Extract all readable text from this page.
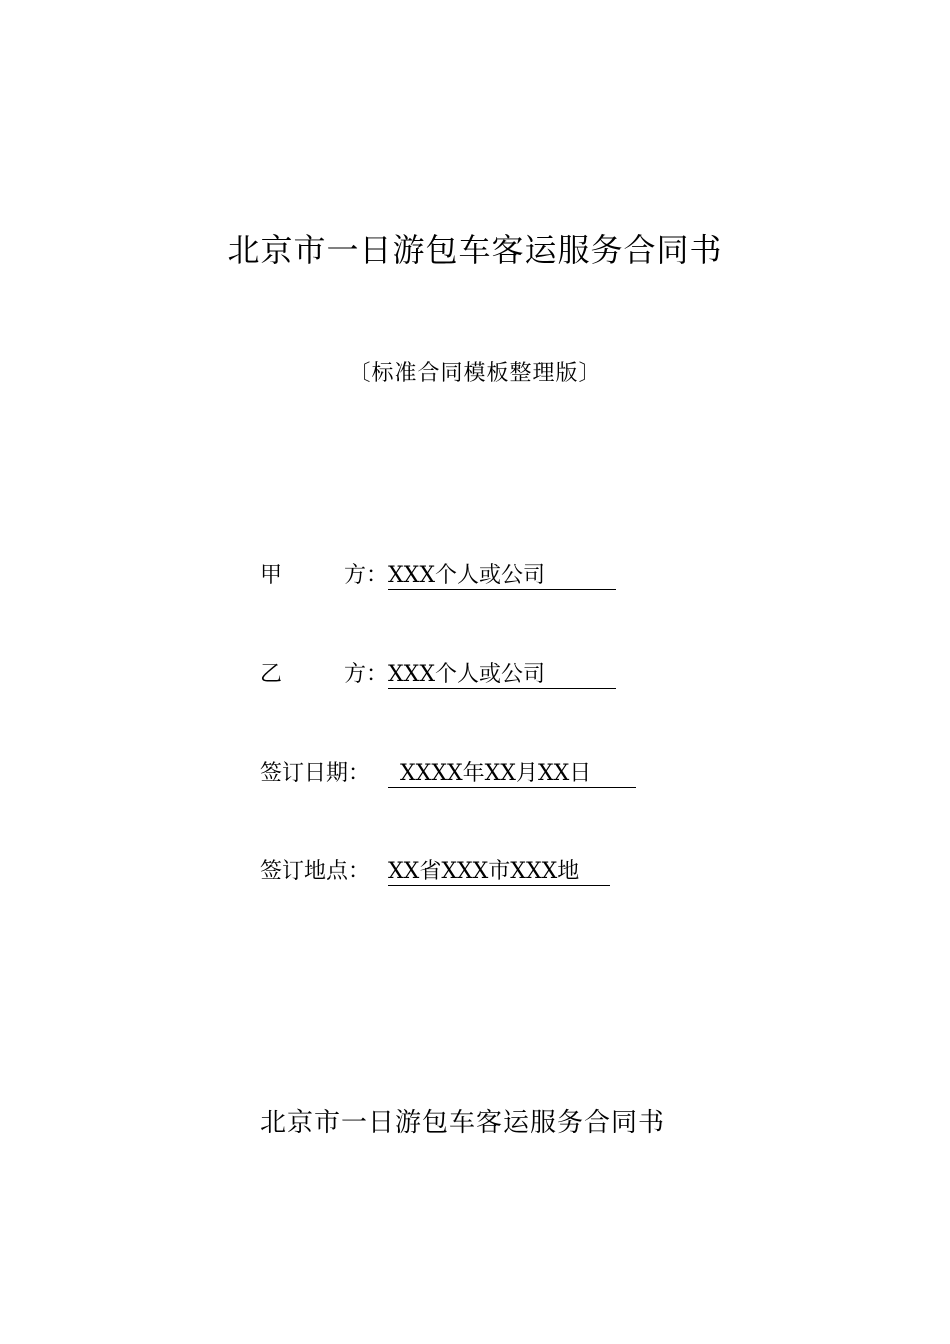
北京市一日游包车客运服务合同书
〔标准合同模板整理版〕
甲	方： XXX个人或公司
乙	方： XXX个人或公司
签订日期： XXXX年XX月XX日
签订地点： XX省XXX市XXX地
北京市一日游包车客运服务合同书
